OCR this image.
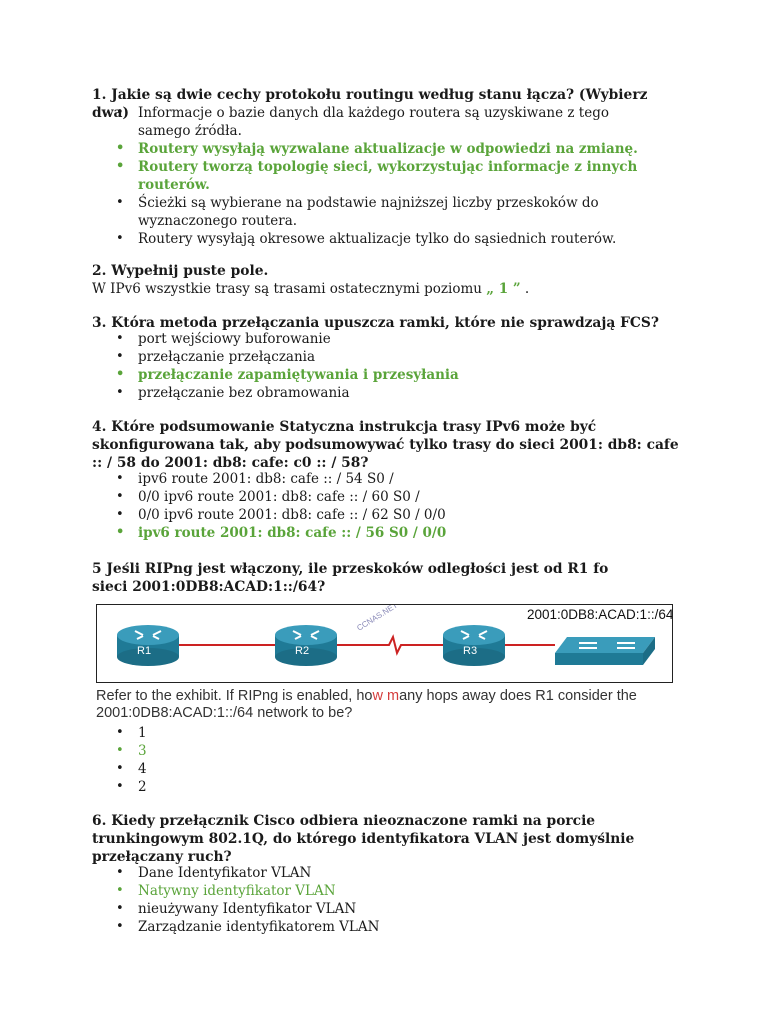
1. Jakie są dwie cechy protokołu routingu według stanu łącza? (Wybierz dwa)
• Informacje o bazie danych dla każdego routera są uzyskiwane z tego samego źródła.
• Routery wysyłają wyzwalane aktualizacje w odpowiedzi na zmianę.
• Routery tworzą topologię sieci, wykorzystując informacje z innych routerów.
• Ścieżki są wybierane na podstawie najniższej liczby przeskoków do wyznaczonego routera.
• Routery wysyłają okresowe aktualizacje tylko do sąsiednich routerów.
2. Wypełnij puste pole.
W IPv6 wszystkie trasy są trasami ostatecznymi poziomu „ 1 ” .
3. Która metoda przełączania upuszcza ramki, które nie sprawdzają FCS?
• port wejściowy buforowanie
• przełączanie przełączania
• przełączanie zapamiętywania i przesyłania
• przełączanie bez obramowania
4. Które podsumowanie Statyczna instrukcja trasy IPv6 może być skonfigurowana tak, aby podsumowywać tylko trasy do sieci 2001: db8: cafe :: / 58 do 2001: db8: cafe: c0 :: / 58?
• ipv6 route 2001: db8: cafe :: / 54 S0 /
• 0/0 ipv6 route 2001: db8: cafe :: / 60 S0 /
• 0/0 ipv6 route 2001: db8: cafe :: / 62 S0 / 0/0
• ipv6 route 2001: db8: cafe :: / 56 S0 / 0/0
5 Jeśli RIPng jest włączony, ile przeskoków odległości jest od R1 fo sieci 2001:0DB8:ACAD:1::/64?
R1	R2	R3
2001:0DB8:ACAD:1::/64
CCNAS.NET
Refer to the exhibit. If RIPng is enabled, how many hops away does R1 consider the 2001:0DB8:ACAD:1::/64 network to be?
• 1
• 3
• 4
• 2
6. Kiedy przełącznik Cisco odbiera nieoznaczone ramki na porcie trunkingowym 802.1Q, do którego identyfikatora VLAN jest domyślnie przełączany ruch?
• Dane Identyfikator VLAN
• Natywny identyfikator VLAN
• nieużywany Identyfikator VLAN
• Zarządzanie identyfikatorem VLAN
